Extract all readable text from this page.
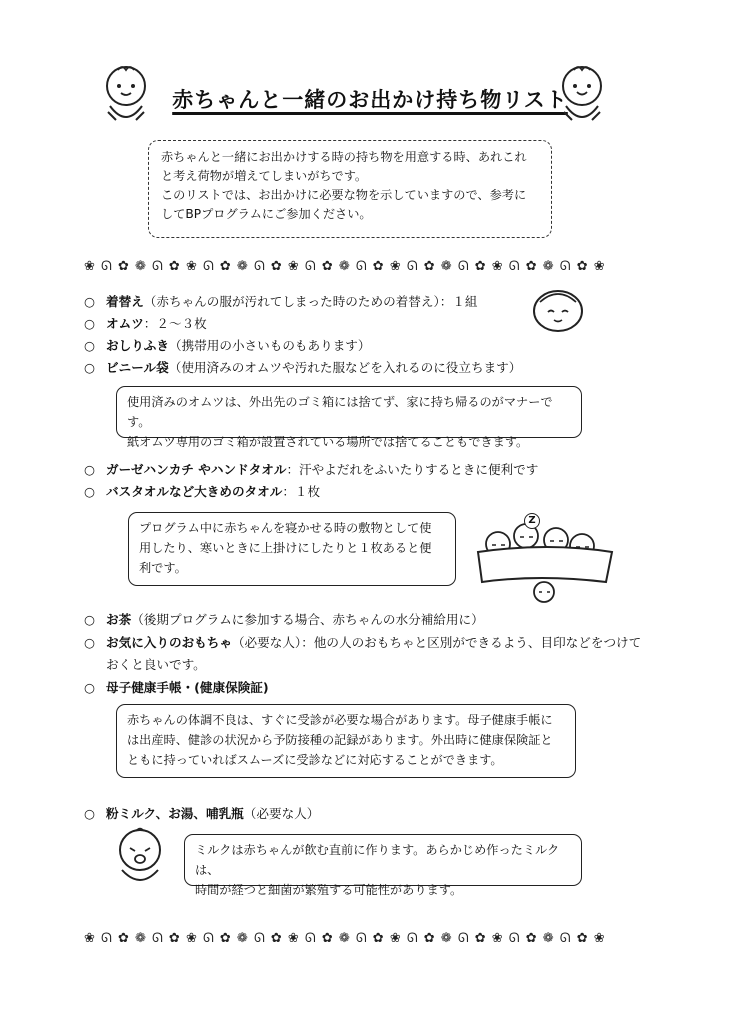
赤ちゃんと一緒のお出かけ持ち物リスト

赤ちゃんと一緒にお出かけする時の持ち物を用意する時、あれこれ

と考え荷物が増えてしまいがちです。

このリストでは、お出かけに必要な物を示していますので、参考に

してBPプログラムにご参加ください。

❀ ᘏ ✿ ❁ ᘏ ✿ ❀ ᘏ ✿ ❁ ᘏ ✿ ❀ ᘏ ✿ ❁ ᘏ ✿ ❀ ᘏ ✿ ❁ ᘏ ✿ ❀ ᘏ ✿ ❁ ᘏ ✿ ❀
○ 着替え（赤ちゃんの服が汚れてしまった時のための着替え）：１組
○ オムツ：２～３枚
○ おしりふき（携帯用の小さいものもあります）
○ ビニール袋（使用済みのオムツや汚れた服などを入れるのに役立ちます）

使用済みのオムツは、外出先のゴミ箱には捨てず、家に持ち帰るのがマナーです。

紙オムツ専用のゴミ箱が設置されている場所では捨てることもできます。

○ ガーゼハンカチ やハンドタオル：汗やよだれをふいたりするときに便利です
○ バスタオルなど大きめのタオル：１枚

プログラム中に赤ちゃんを寝かせる時の敷物として使

用したり、寒いときに上掛けにしたりと１枚あると便

利です。

Z
○ お茶（後期プログラムに参加する場合、赤ちゃんの水分補給用に）
○ お気に入りのおもちゃ（必要な人）：他の人のおもちゃと区別ができるよう、目印などをつけておくと良いです。
○ 母子健康手帳・(健康保険証)

赤ちゃんの体調不良は、すぐに受診が必要な場合があります。母子健康手帳に

は出産時、健診の状況から予防接種の記録があります。外出時に健康保険証と

ともに持っていればスムーズに受診などに対応することができます。

○ 粉ミルク、お湯、哺乳瓶（必要な人）

ミルクは赤ちゃんが飲む直前に作ります。あらかじめ作ったミルクは、

時間が経つと細菌が繁殖する可能性があります。

❀ ᘏ ✿ ❁ ᘏ ✿ ❀ ᘏ ✿ ❁ ᘏ ✿ ❀ ᘏ ✿ ❁ ᘏ ✿ ❀ ᘏ ✿ ❁ ᘏ ✿ ❀ ᘏ ✿ ❁ ᘏ ✿ ❀
